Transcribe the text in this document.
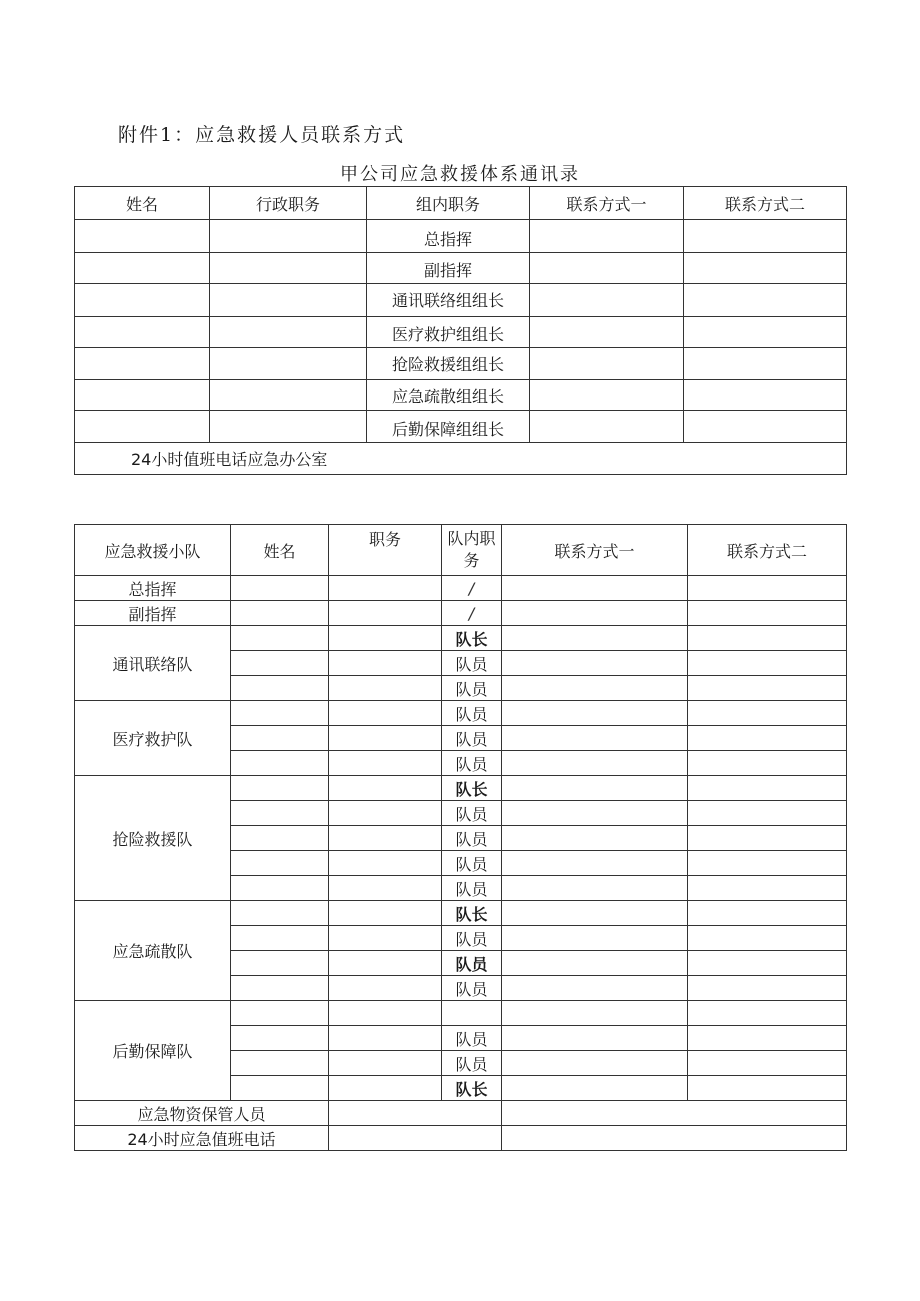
附件1：应急救援人员联系方式
甲公司应急救援体系通讯录
姓名	行政职务	组内职务	联系方式一	联系方式二
		总指挥		
		副指挥		
		通讯联络组组长		
		医疗救护组组长		
		抢险救援组组长		
		应急疏散组组长		
		后勤保障组组长		
24小时值班电话应急办公室				
应急救援小队	姓名	职务	队内职务	联系方式一	联系方式二
总指挥			/		
副指挥			/		
通讯联络队			队长		
			队员		
			队员		
医疗救护队			队员		
			队员		
			队员		
抢险救援队			队长		
			队员		
			队员		
			队员		
			队员		
应急疏散队			队长		
			队员		
			队员		
			队员		
后勤保障队					
			队员		
			队员		
			队长		
应急物资保管人员					
24小时应急值班电话					
